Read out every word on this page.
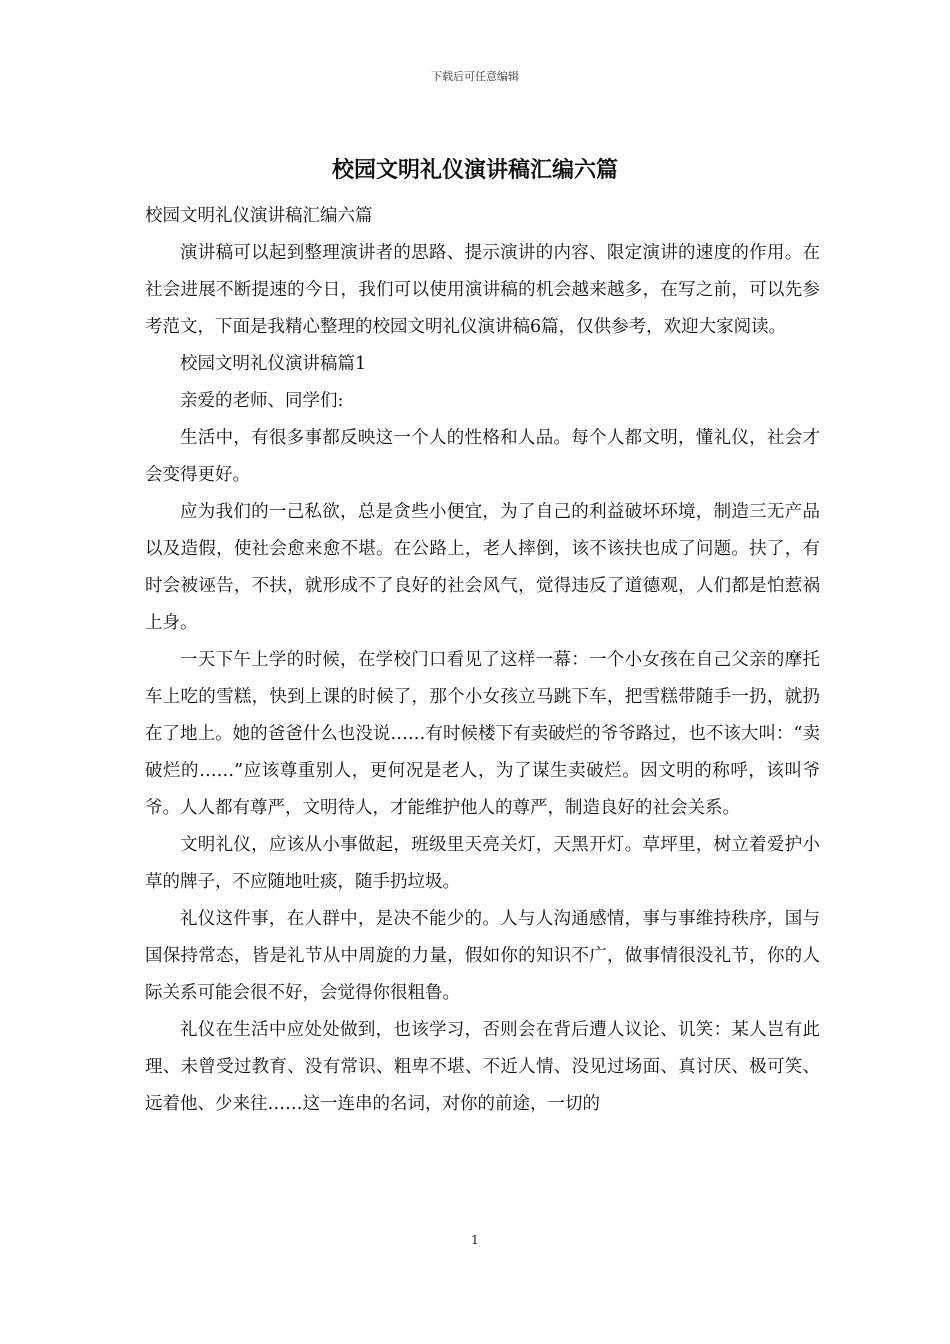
下载后可任意编辑
校园文明礼仪演讲稿汇编六篇

校园文明礼仪演讲稿汇编六篇

演讲稿可以起到整理演讲者的思路、提示演讲的内容、限定演讲的速度的作用。在社会进展不断提速的今日，我们可以使用演讲稿的机会越来越多，在写之前，可以先参考范文，下面是我精心整理的校园文明礼仪演讲稿6篇，仅供参考，欢迎大家阅读。

校园文明礼仪演讲稿篇1

亲爱的老师、同学们:

生活中，有很多事都反映这一个人的性格和人品。每个人都文明，懂礼仪，社会才会变得更好。

应为我们的一己私欲，总是贪些小便宜，为了自己的利益破坏环境，制造三无产品以及造假，使社会愈来愈不堪。在公路上，老人摔倒，该不该扶也成了问题。扶了，有时会被诬告，不扶，就形成不了良好的社会风气，觉得违反了道德观，人们都是怕惹祸上身。

一天下午上学的时候，在学校门口看见了这样一幕：一个小女孩在自己父亲的摩托车上吃的雪糕，快到上课的时候了，那个小女孩立马跳下车，把雪糕带随手一扔，就扔在了地上。她的爸爸什么也没说……有时候楼下有卖破烂的爷爷路过，也不该大叫：“卖破烂的……”应该尊重别人，更何况是老人，为了谋生卖破烂。因文明的称呼，该叫爷爷。人人都有尊严，文明待人，才能维护他人的尊严，制造良好的社会关系。

文明礼仪，应该从小事做起，班级里天亮关灯，天黑开灯。草坪里，树立着爱护小草的牌子，不应随地吐痰，随手扔垃圾。

礼仪这件事，在人群中，是决不能少的。人与人沟通感情，事与事维持秩序，国与国保持常态，皆是礼节从中周旋的力量，假如你的知识不广，做事情很没礼节，你的人际关系可能会很不好，会觉得你很粗鲁。

礼仪在生活中应处处做到，也该学习，否则会在背后遭人议论、讥笑：某人岂有此理、未曾受过教育、没有常识、粗卑不堪、不近人情、没见过场面、真讨厌、极可笑、远着他、少来往……这一连串的名词，对你的前途，一切的

1
